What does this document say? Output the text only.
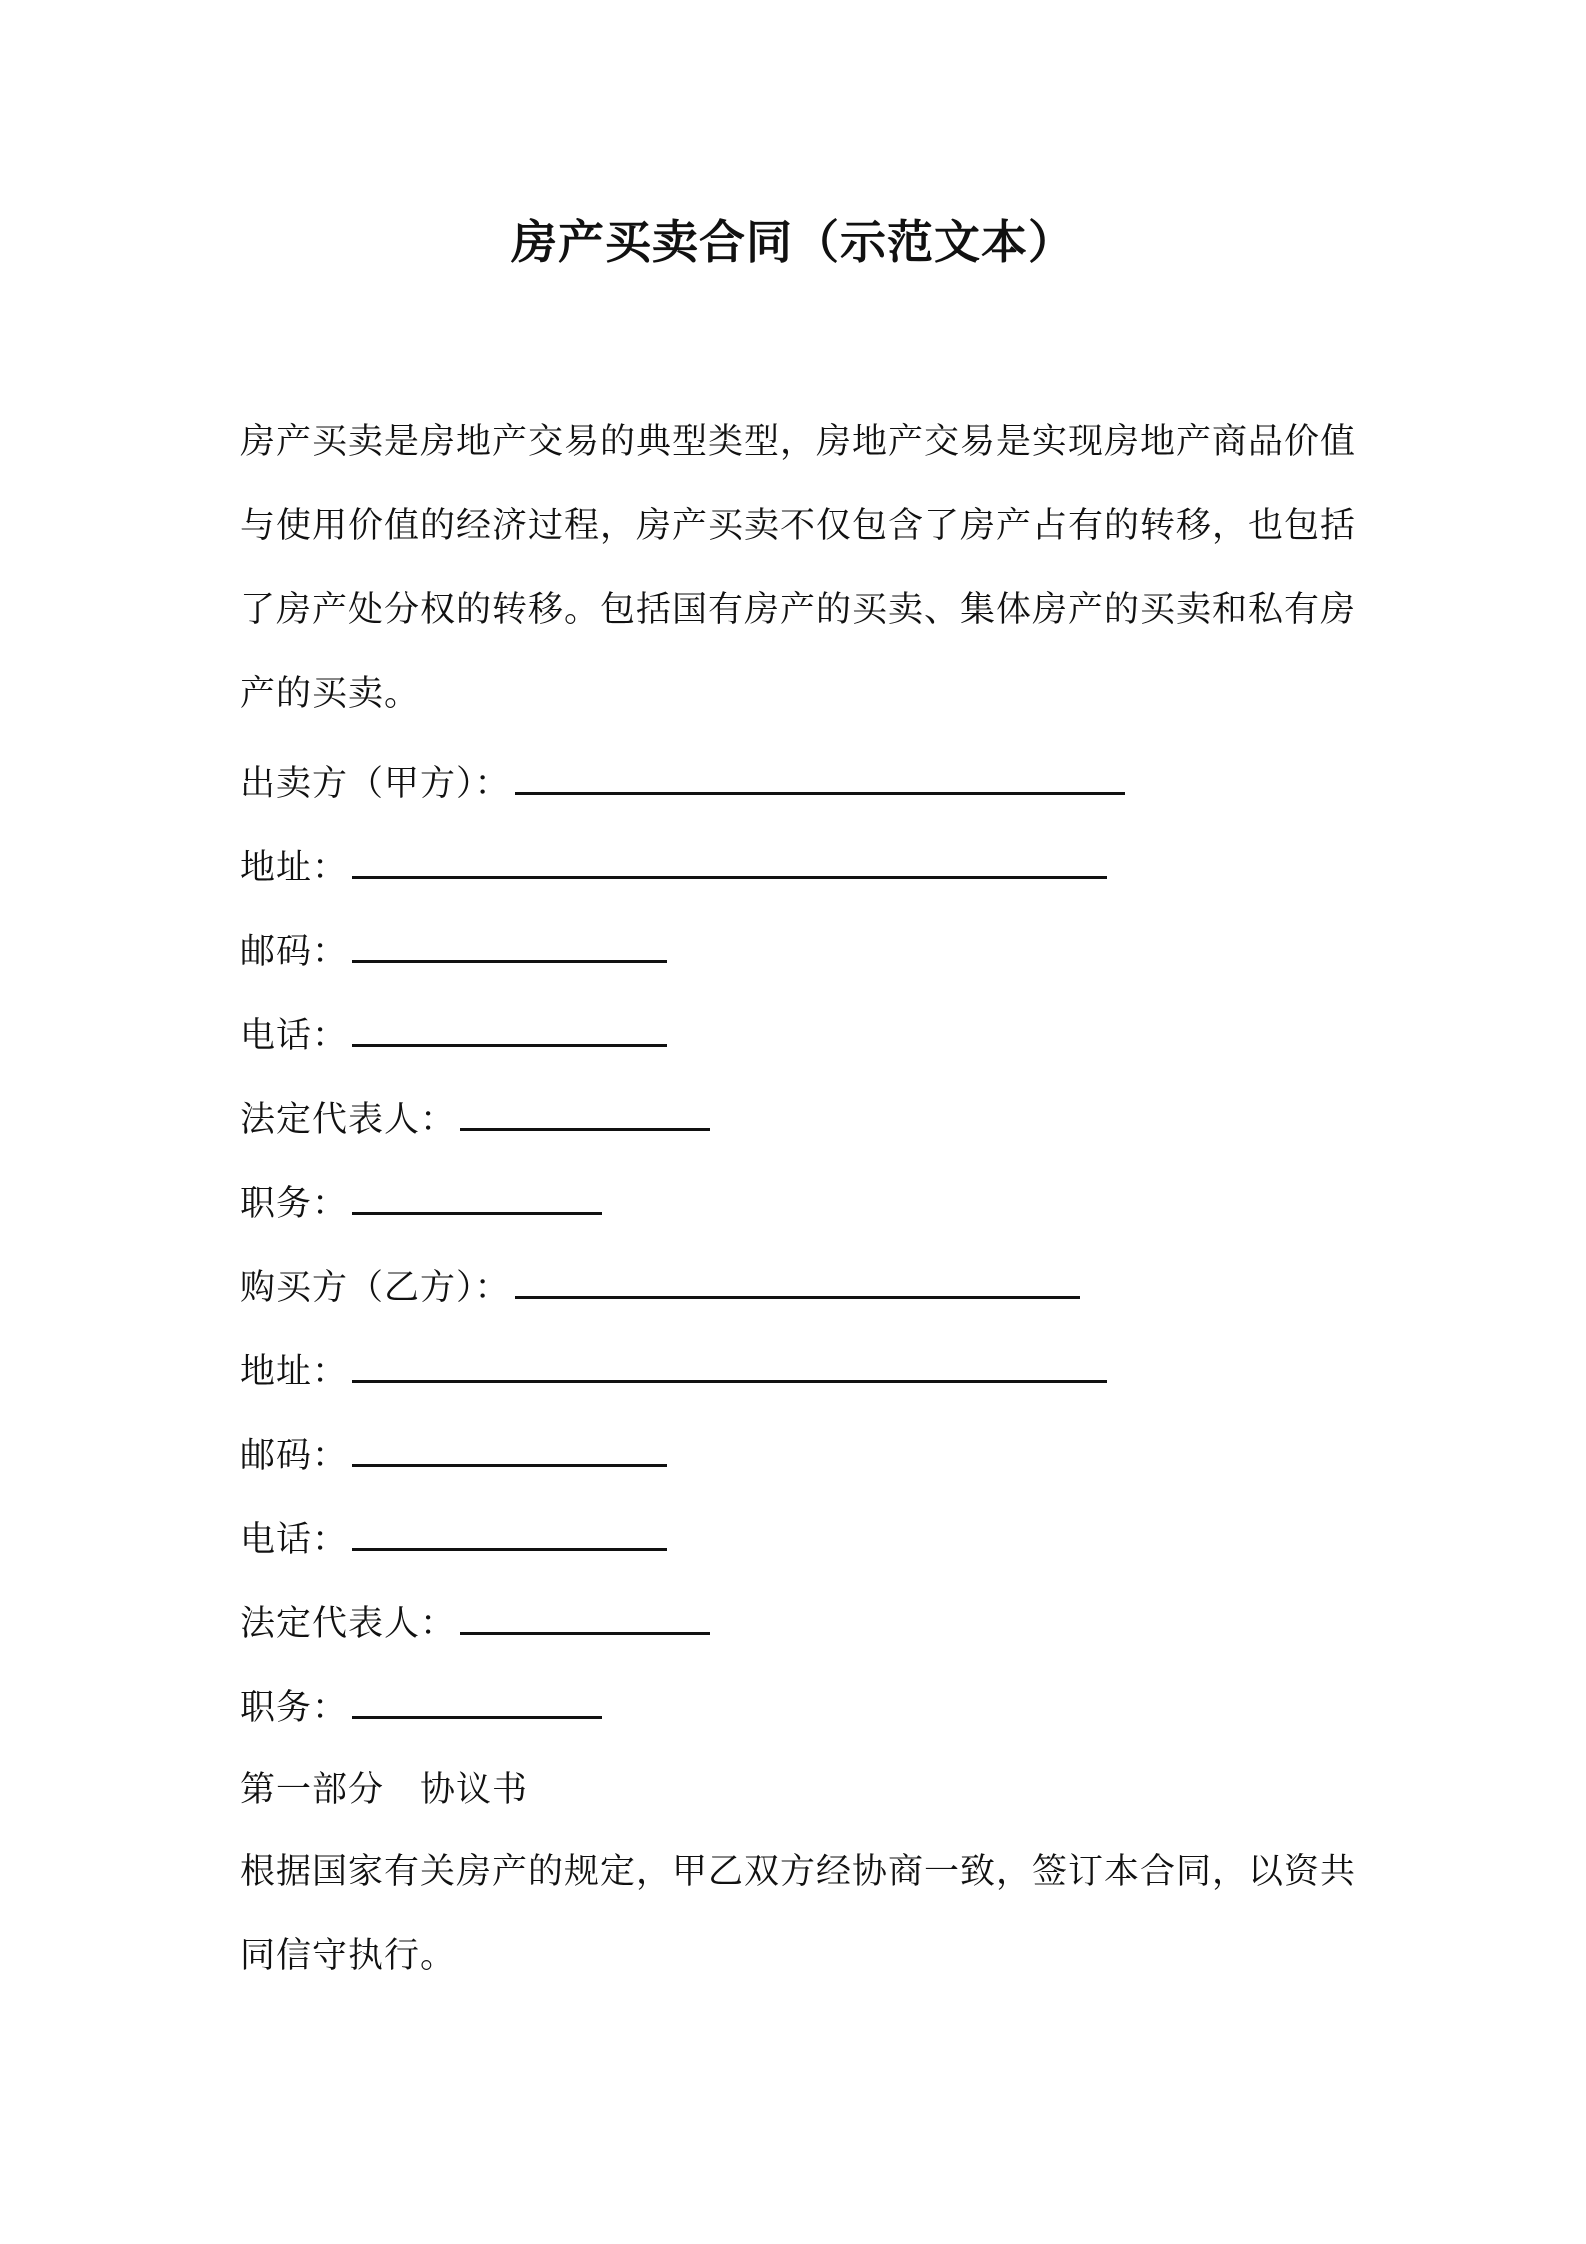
房产买卖合同（示范文本）

房产买卖是房地产交易的典型类型，房地产交易是实现房地产商品价值与使用价值的经济过程，房产买卖不仅包含了房产占有的转移，也包括了房产处分权的转移。包括国有房产的买卖、集体房产的买卖和私有房产的买卖。

出卖方（甲方）：
地址：
邮码：
电话：
法定代表人：
职务：
购买方（乙方）：
地址：
邮码：
电话：
法定代表人：
职务：
第一部分　协议书

根据国家有关房产的规定，甲乙双方经协商一致，签订本合同，以资共同信守执行。
